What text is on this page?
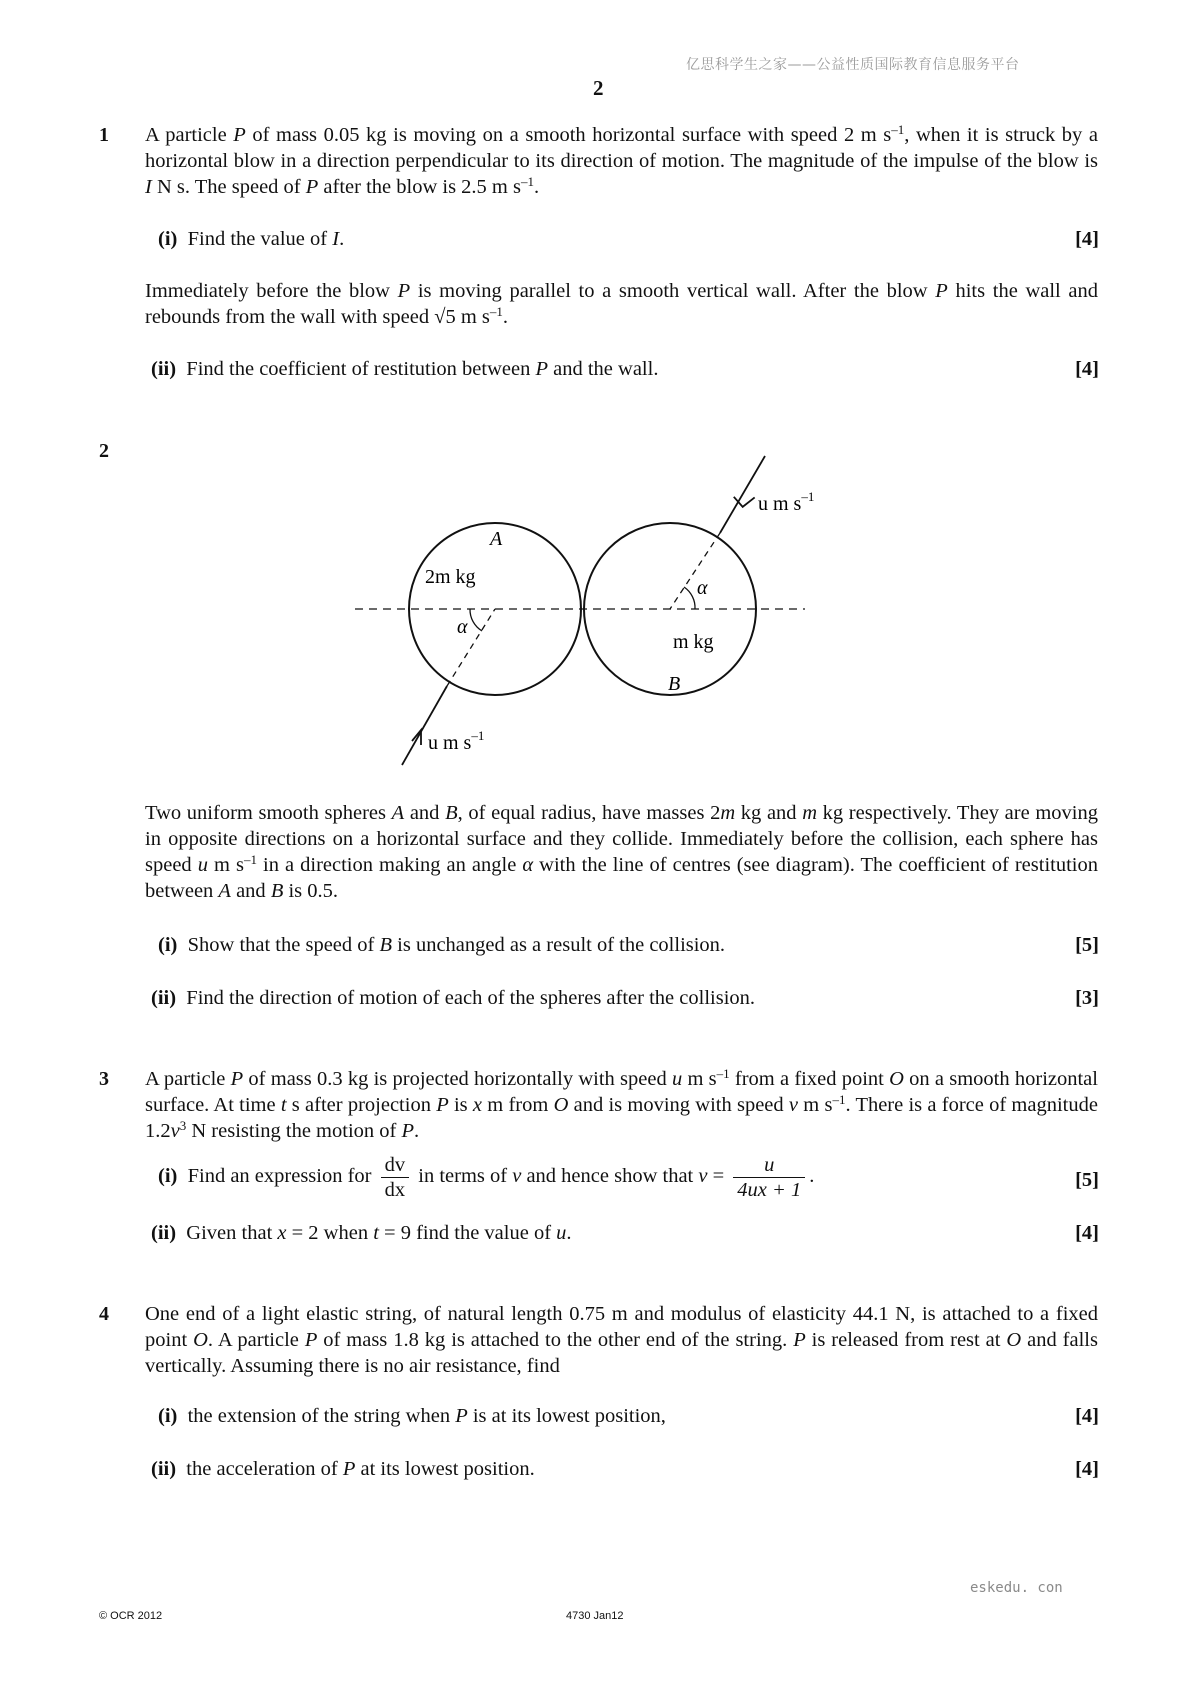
亿思科学生之家——公益性质国际教育信息服务平台
2
1 A particle P of mass 0.05 kg is moving on a smooth horizontal surface with speed 2 m $s^{-1}$, when it is struck by a horizontal blow in a direction perpendicular to its direction of motion. The magnitude of the impulse of the blow is I N s. The speed of P after the blow is 2.5 m $s^{-1}$.
(i) Find the value of I.	[4]
Immediately before the blow P is moving parallel to a smooth vertical wall. After the blow P hits the wall and rebounds from the wall with speed √5 m $s^{-1}$.
(ii) Find the coefficient of restitution between P and the wall.	[4]
2
A
2m kg
α
α
m kg
B
u m $s^{-1}$
u m $s^{-1}$
Two uniform smooth spheres A and B, of equal radius, have masses 2m kg and m kg respectively. They are moving in opposite directions on a horizontal surface and they collide. Immediately before the collision, each sphere has speed u m $s^{-1}$ in a direction making an angle α with the line of centres (see diagram). The coefficient of restitution between A and B is 0.5.
(i) Show that the speed of B is unchanged as a result of the collision.	[5]
(ii) Find the direction of motion of each of the spheres after the collision.	[3]
3 A particle P of mass 0.3 kg is projected horizontally with speed u m $s^{-1}$ from a fixed point O on a smooth horizontal surface. At time t s after projection P is x m from O and is moving with speed v m $s^{-1}$. There is a force of magnitude $1.2v^3$ N resisting the motion of P.
(i) Find an expression for $\frac{dv}{dx}$ in terms of v and hence show that $v = \frac{u}{4ux + 1}$ .	[5]
(ii) Given that x = 2 when t = 9 find the value of u.	[4]
4 One end of a light elastic string, of natural length 0.75 m and modulus of elasticity 44.1 N, is attached to a fixed point O. A particle P of mass 1.8 kg is attached to the other end of the string. P is released from rest at O and falls vertically. Assuming there is no air resistance, find
(i) the extension of the string when P is at its lowest position,	[4]
(ii) the acceleration of P at its lowest position.	[4]
eskedu. con
© OCR 2012	4730 Jan12
